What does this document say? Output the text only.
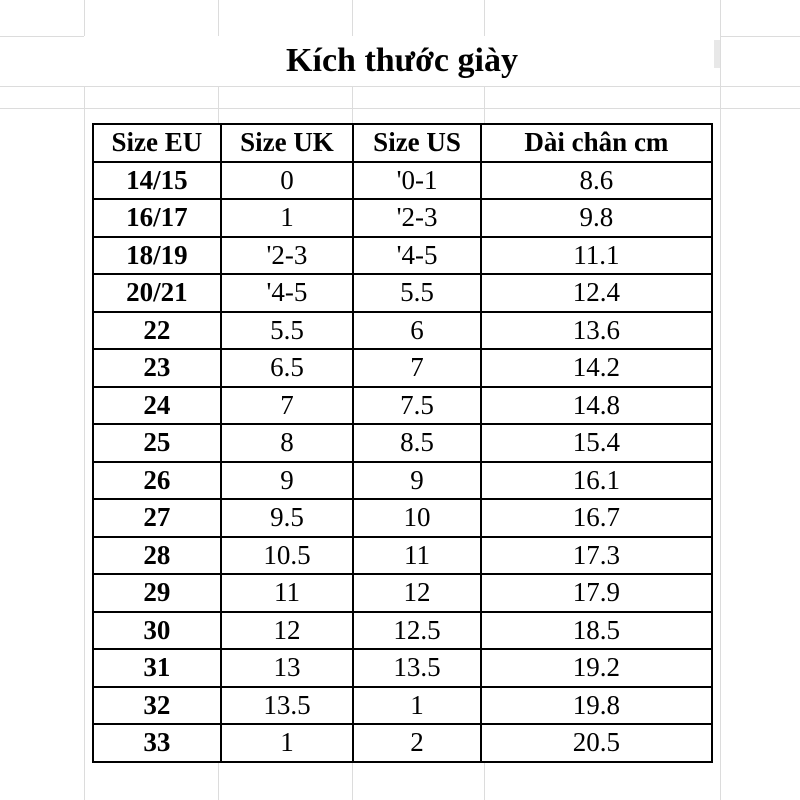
Kích thước giày
Size EU	Size UK	Size US	Dài chân cm
14/15	0	'0-1	8.6
16/17	1	'2-3	9.8
18/19	'2-3	'4-5	11.1
20/21	'4-5	5.5	12.4
22	5.5	6	13.6
23	6.5	7	14.2
24	7	7.5	14.8
25	8	8.5	15.4
26	9	9	16.1
27	9.5	10	16.7
28	10.5	11	17.3
29	11	12	17.9
30	12	12.5	18.5
31	13	13.5	19.2
32	13.5	1	19.8
33	1	2	20.5
